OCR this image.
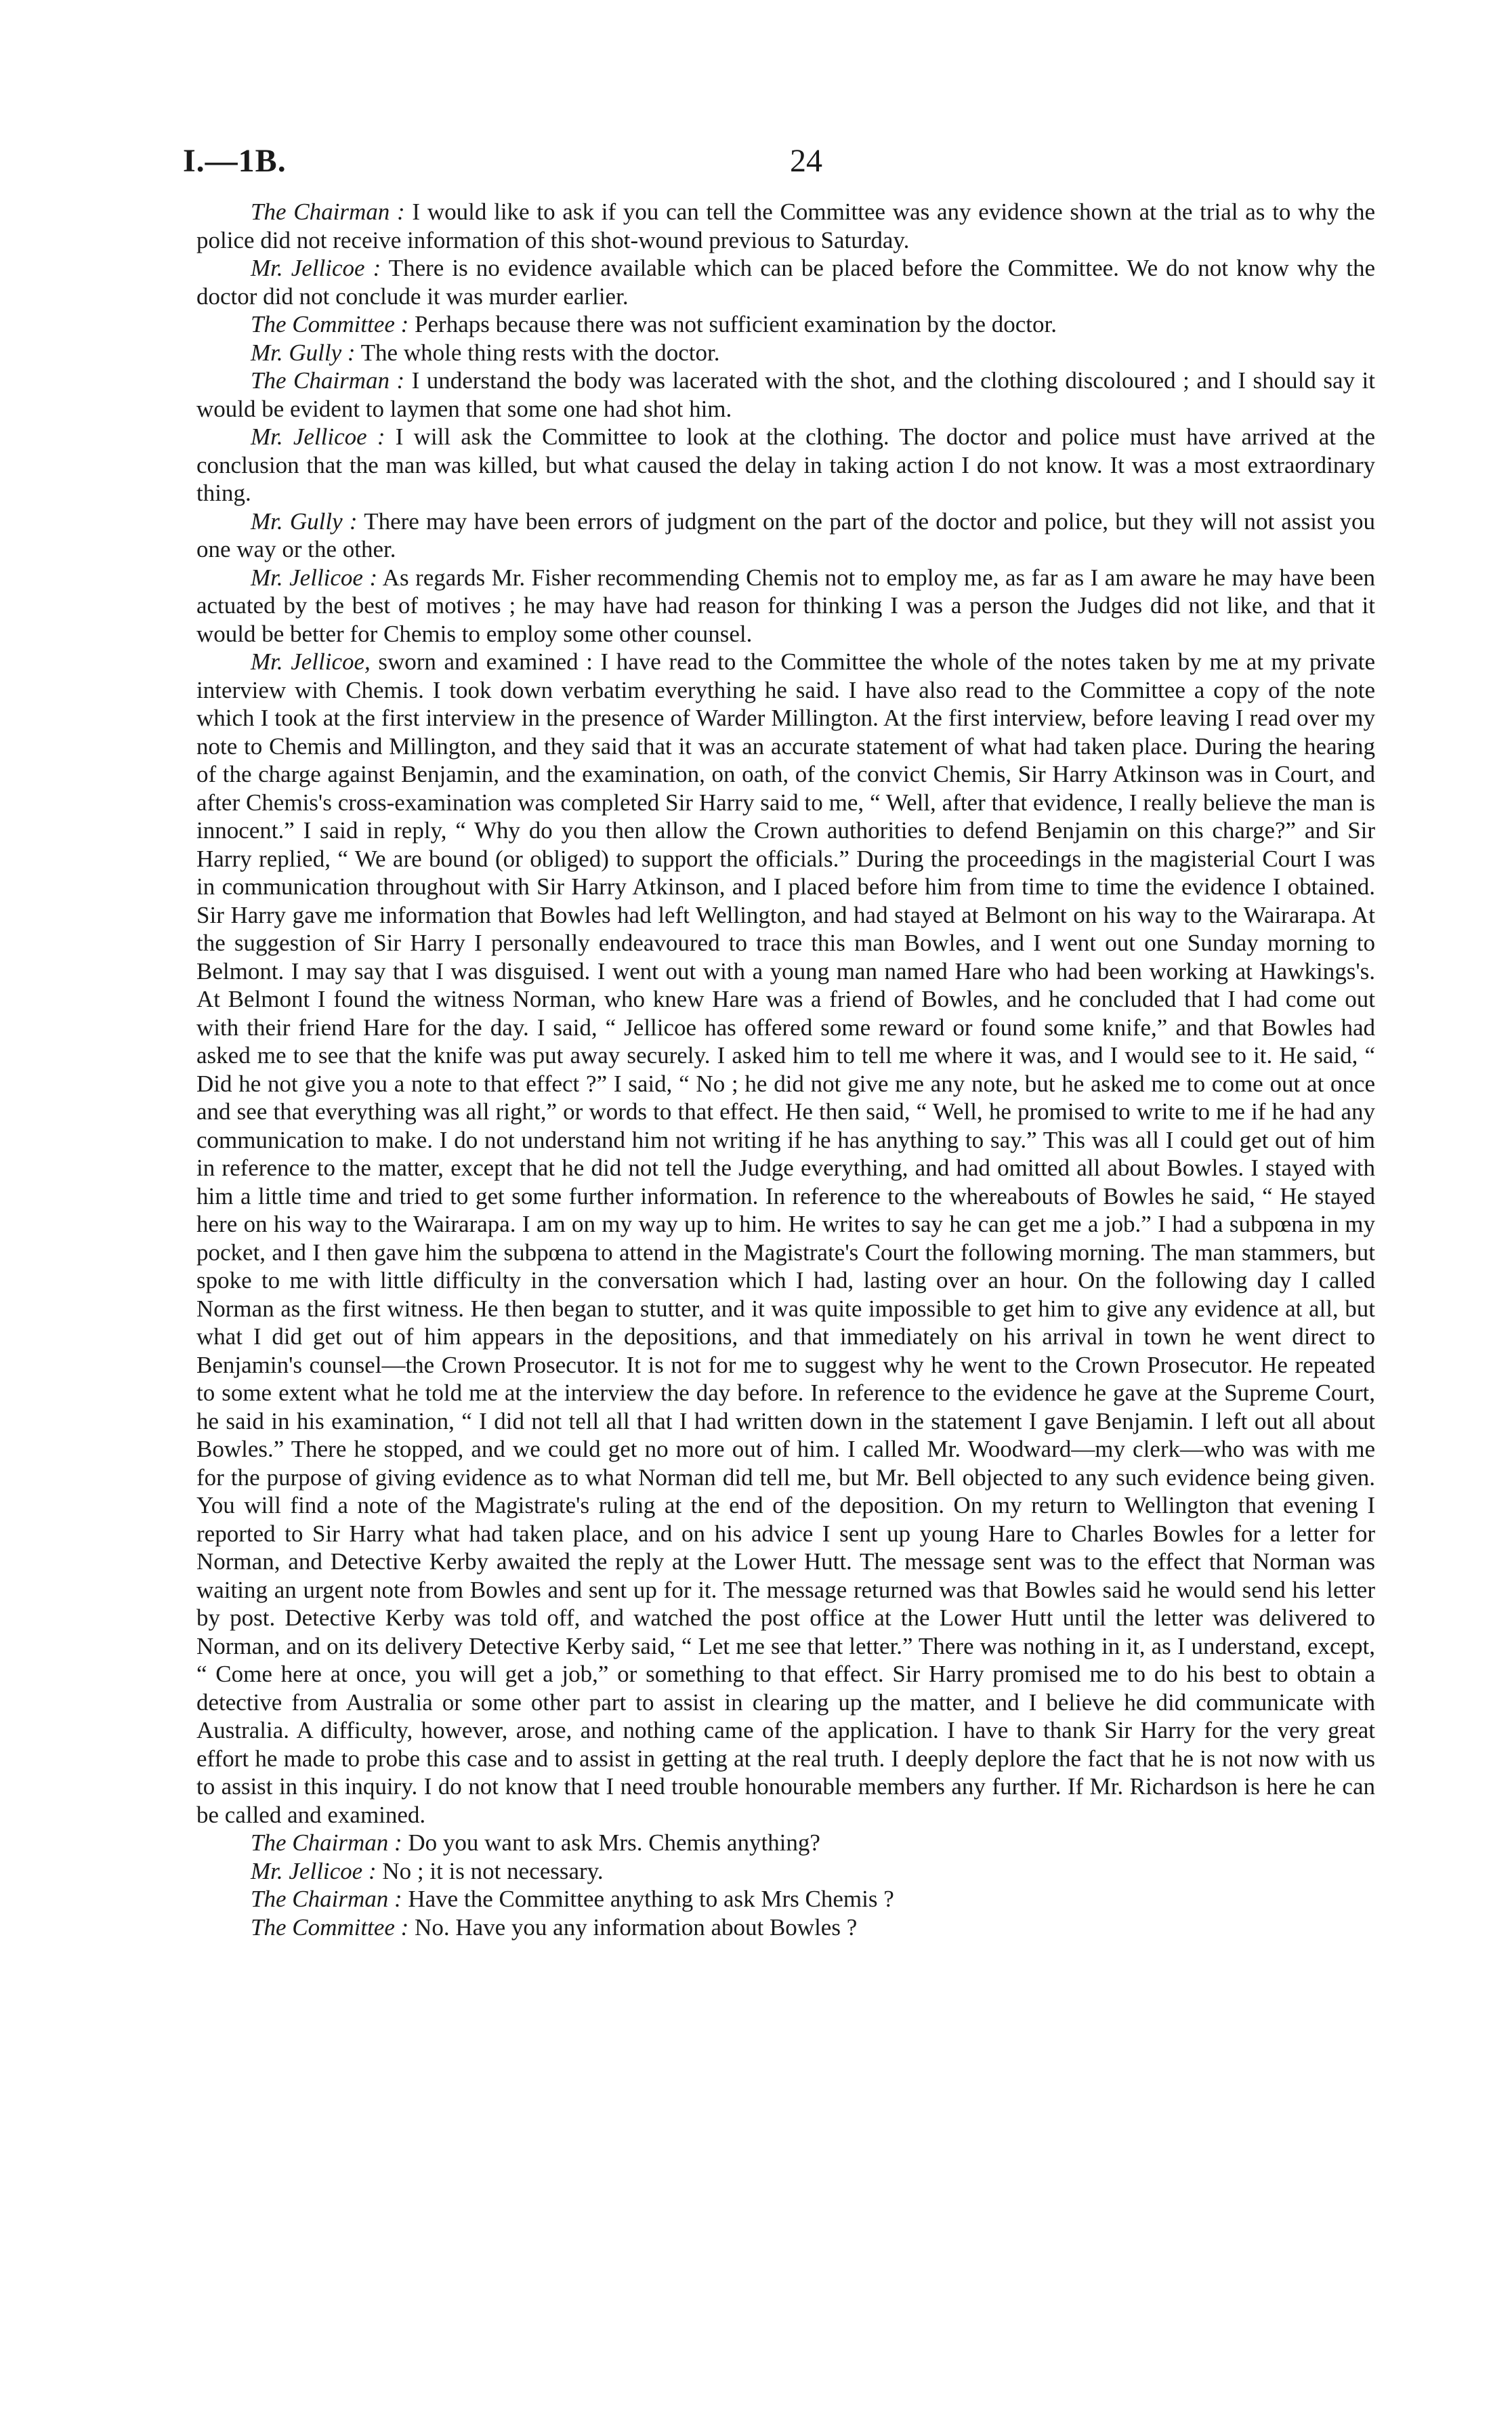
I.—1B.	24

The Chairman : I would like to ask if you can tell the Committee was any evidence shown at the trial as to why the police did not receive information of this shot-wound previous to Saturday.

Mr. Jellicoe : There is no evidence available which can be placed before the Committee. We do not know why the doctor did not conclude it was murder earlier.

The Committee : Perhaps because there was not sufficient examination by the doctor.

Mr. Gully : The whole thing rests with the doctor.

The Chairman : I understand the body was lacerated with the shot, and the clothing discoloured ; and I should say it would be evident to laymen that some one had shot him.

Mr. Jellicoe : I will ask the Committee to look at the clothing. The doctor and police must have arrived at the conclusion that the man was killed, but what caused the delay in taking action I do not know. It was a most extraordinary thing.

Mr. Gully : There may have been errors of judgment on the part of the doctor and police, but they will not assist you one way or the other.

Mr. Jellicoe : As regards Mr. Fisher recommending Chemis not to employ me, as far as I am aware he may have been actuated by the best of motives ; he may have had reason for thinking I was a person the Judges did not like, and that it would be better for Chemis to employ some other counsel.

Mr. Jellicoe, sworn and examined : I have read to the Committee the whole of the notes taken by me at my private interview with Chemis. I took down verbatim everything he said. I have also read to the Committee a copy of the note which I took at the first interview in the presence of Warder Millington. At the first interview, before leaving I read over my note to Chemis and Millington, and they said that it was an accurate statement of what had taken place. During the hearing of the charge against Benjamin, and the examination, on oath, of the convict Chemis, Sir Harry Atkinson was in Court, and after Chemis's cross-examination was completed Sir Harry said to me, “ Well, after that evidence, I really believe the man is innocent.” I said in reply, “ Why do you then allow the Crown authorities to defend Benjamin on this charge?” and Sir Harry replied, “ We are bound (or obliged) to support the officials.” During the proceedings in the magisterial Court I was in communication throughout with Sir Harry Atkinson, and I placed before him from time to time the evidence I obtained. Sir Harry gave me information that Bowles had left Wellington, and had stayed at Belmont on his way to the Wairarapa. At the suggestion of Sir Harry I personally endeavoured to trace this man Bowles, and I went out one Sunday morning to Belmont. I may say that I was disguised. I went out with a young man named Hare who had been working at Hawkings's. At Belmont I found the witness Norman, who knew Hare was a friend of Bowles, and he concluded that I had come out with their friend Hare for the day. I said, “ Jellicoe has offered some reward or found some knife,” and that Bowles had asked me to see that the knife was put away securely. I asked him to tell me where it was, and I would see to it. He said, “ Did he not give you a note to that effect ?” I said, “ No ; he did not give me any note, but he asked me to come out at once and see that everything was all right,” or words to that effect. He then said, “ Well, he promised to write to me if he had any communication to make. I do not understand him not writing if he has anything to say.” This was all I could get out of him in reference to the matter, except that he did not tell the Judge everything, and had omitted all about Bowles. I stayed with him a little time and tried to get some further information. In reference to the whereabouts of Bowles he said, “ He stayed here on his way to the Wairarapa. I am on my way up to him. He writes to say he can get me a job.” I had a subpœna in my pocket, and I then gave him the subpœna to attend in the Magistrate's Court the following morning. The man stammers, but spoke to me with little difficulty in the conversation which I had, lasting over an hour. On the following day I called Norman as the first witness. He then began to stutter, and it was quite impossible to get him to give any evidence at all, but what I did get out of him appears in the depositions, and that immediately on his arrival in town he went direct to Benjamin's counsel—the Crown Prosecutor. It is not for me to suggest why he went to the Crown Prosecutor. He repeated to some extent what he told me at the interview the day before. In reference to the evidence he gave at the Supreme Court, he said in his examination, “ I did not tell all that I had written down in the statement I gave Benjamin. I left out all about Bowles.” There he stopped, and we could get no more out of him. I called Mr. Woodward—my clerk—who was with me for the purpose of giving evidence as to what Norman did tell me, but Mr. Bell objected to any such evidence being given. You will find a note of the Magistrate's ruling at the end of the deposition. On my return to Wellington that evening I reported to Sir Harry what had taken place, and on his advice I sent up young Hare to Charles Bowles for a letter for Norman, and Detective Kerby awaited the reply at the Lower Hutt. The message sent was to the effect that Norman was waiting an urgent note from Bowles and sent up for it. The message returned was that Bowles said he would send his letter by post. Detective Kerby was told off, and watched the post office at the Lower Hutt until the letter was delivered to Norman, and on its delivery Detective Kerby said, “ Let me see that letter.” There was nothing in it, as I understand, except, “ Come here at once, you will get a job,” or something to that effect. Sir Harry promised me to do his best to obtain a detective from Australia or some other part to assist in clearing up the matter, and I believe he did communicate with Australia. A difficulty, however, arose, and nothing came of the application. I have to thank Sir Harry for the very great effort he made to probe this case and to assist in getting at the real truth. I deeply deplore the fact that he is not now with us to assist in this inquiry. I do not know that I need trouble honourable members any further. If Mr. Richardson is here he can be called and examined.

The Chairman : Do you want to ask Mrs. Chemis anything?

Mr. Jellicoe : No ; it is not necessary.

The Chairman : Have the Committee anything to ask Mrs Chemis ?

The Committee : No. Have you any information about Bowles ?
